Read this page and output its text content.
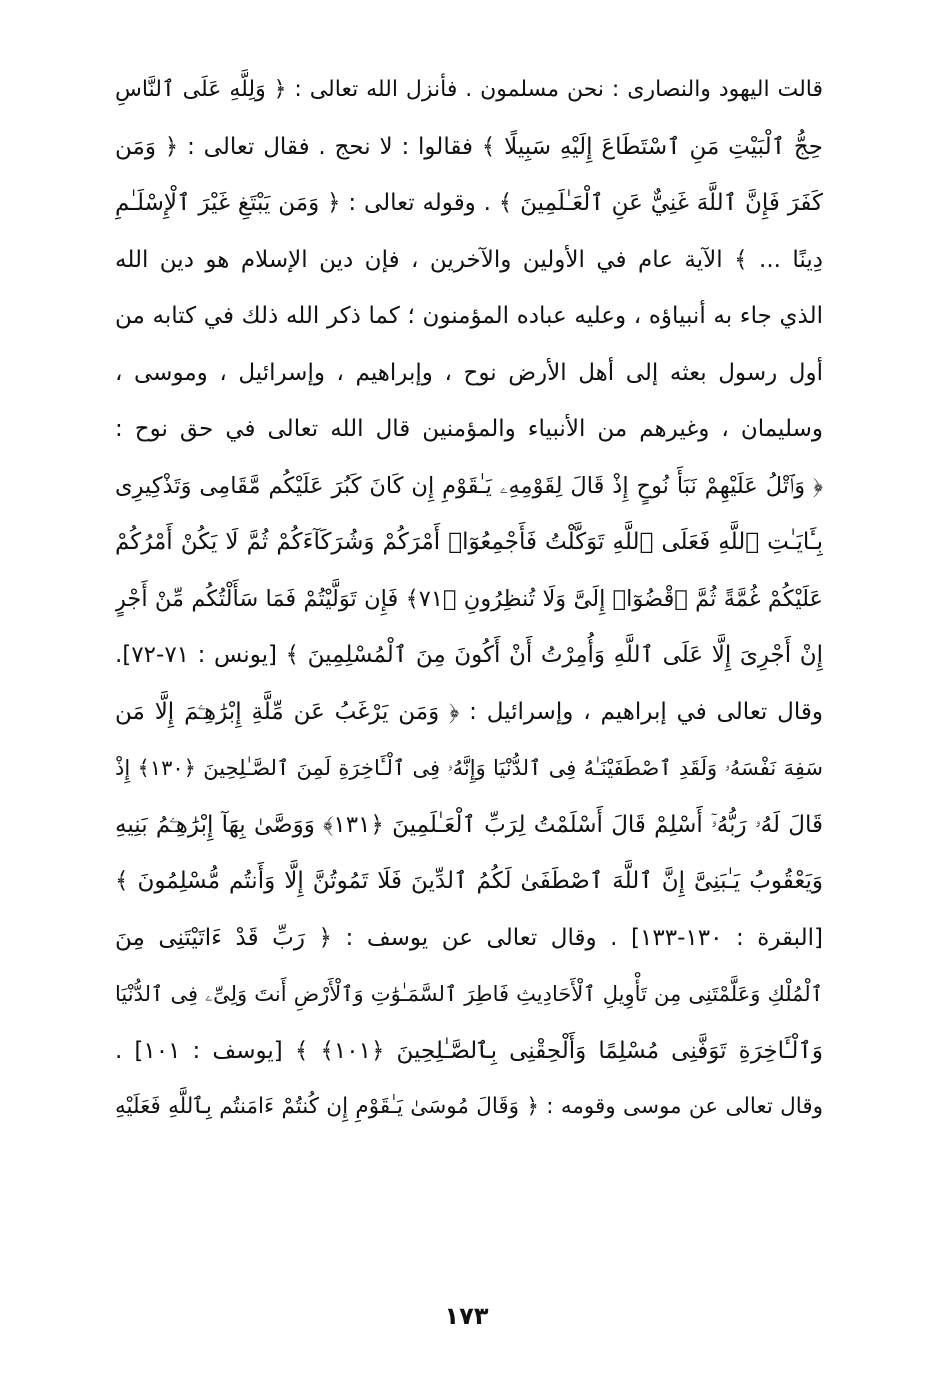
قالت اليهود والنصارى : نحن مسلمون . فأنزل الله تعالى : ﴿ وَلِلَّهِ عَلَى ٱلنَّاسِ
حِجُّ ٱلْبَيْتِ مَنِ ٱسْتَطَاعَ إِلَيْهِ سَبِيلًا ﴾ فقالوا : لا نحج . فقال تعالى : ﴿ وَمَن
كَفَرَ فَإِنَّ ٱللَّهَ غَنِيٌّ عَنِ ٱلْعَـٰلَمِينَ ﴾ . وقوله تعالى : ﴿ وَمَن يَبْتَغِ غَيْرَ ٱلْإِسْلَـٰمِ
دِينًا ... ﴾ الآية عام في الأولين والآخرين ، فإن دين الإسلام هو دين الله
الذي جاء به أنبياؤه ، وعليه عباده المؤمنون ؛ كما ذكر الله ذلك في كتابه من
أول رسول بعثه إلى أهل الأرض نوح ، وإبراهيم ، وإسرائيل ، وموسى ،
وسليمان ، وغيرهم من الأنبياء والمؤمنين قال الله تعالى في حق نوح :
﴿ وَٱتْلُ عَلَيْهِمْ نَبَأَ نُوحٍ إِذْ قَالَ لِقَوْمِهِۦ يَـٰقَوْمِ إِن كَانَ كَبُرَ عَلَيْكُم مَّقَامِى وَتَذْكِيرِى
بِـَٔايَـٰتِ ٱللَّهِ فَعَلَى ٱللَّهِ تَوَكَّلْتُ فَأَجْمِعُوٓا۟ أَمْرَكُمْ وَشُرَكَآءَكُمْ ثُمَّ لَا يَكُنْ أَمْرُكُمْ
عَلَيْكُمْ غُمَّةً ثُمَّ ٱقْضُوٓا۟ إِلَىَّ وَلَا تُنظِرُونِ ﴿٧١﴾ فَإِن تَوَلَّيْتُمْ فَمَا سَأَلْتُكُم مِّنْ أَجْرٍ
إِنْ أَجْرِىَ إِلَّا عَلَى ٱللَّهِ وَأُمِرْتُ أَنْ أَكُونَ مِنَ ٱلْمُسْلِمِينَ ﴾ [يونس : ٧١-٧٢].
وقال تعالى في إبراهيم ، وإسرائيل : ﴿ وَمَن يَرْغَبُ عَن مِّلَّةِ إِبْرَٰهِـۧمَ إِلَّا مَن
سَفِهَ نَفْسَهُۥ وَلَقَدِ ٱصْطَفَيْنَـٰهُ فِى ٱلدُّنْيَا وَإِنَّهُۥ فِى ٱلْـَٔاخِرَةِ لَمِنَ ٱلصَّـٰلِحِينَ ﴿١٣٠﴾ إِذْ
قَالَ لَهُۥ رَبُّهُۥٓ أَسْلِمْ قَالَ أَسْلَمْتُ لِرَبِّ ٱلْعَـٰلَمِينَ ﴿١٣١﴾ وَوَصَّىٰ بِهَآ إِبْرَٰهِـۧمُ بَنِيهِ
وَيَعْقُوبُ يَـٰبَنِىَّ إِنَّ ٱللَّهَ ٱصْطَفَىٰ لَكُمُ ٱلدِّينَ فَلَا تَمُوتُنَّ إِلَّا وَأَنتُم مُّسْلِمُونَ ﴾
[البقرة : ١٣٠-١٣٣] . وقال تعالى عن يوسف : ﴿ رَبِّ قَدْ ءَاتَيْتَنِى مِنَ
ٱلْمُلْكِ وَعَلَّمْتَنِى مِن تَأْوِيلِ ٱلْأَحَادِيثِ فَاطِرَ ٱلسَّمَـٰوَٰتِ وَٱلْأَرْضِ أَنتَ وَلِىِّۦ فِى ٱلدُّنْيَا
وَٱلْـَٔاخِرَةِ تَوَفَّنِى مُسْلِمًا وَأَلْحِقْنِى بِٱلصَّـٰلِحِينَ ﴿١٠١﴾ ﴾ [يوسف : ١٠١] .
وقال تعالى عن موسى وقومه : ﴿ وَقَالَ مُوسَىٰ يَـٰقَوْمِ إِن كُنتُمْ ءَامَنتُم بِٱللَّهِ فَعَلَيْهِ
١٧٣
